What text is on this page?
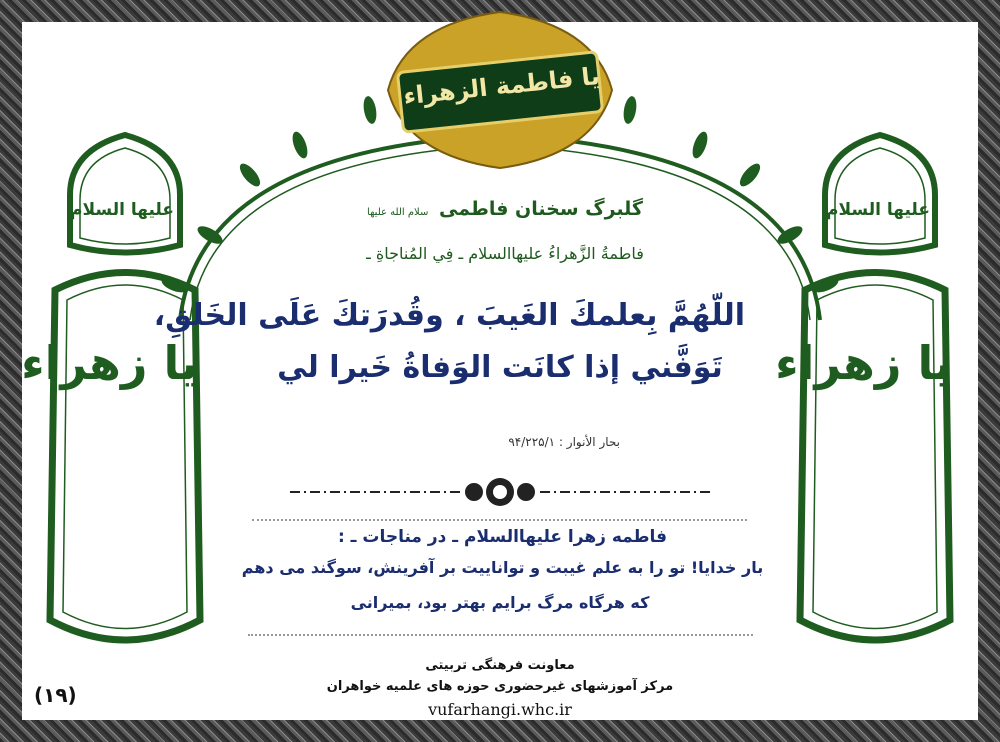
یا فاطمة الزهراء
علیها السلام	علیها السلام
یا زهراء	یا زهراء
گلبرگ سخنان فاطمی سلام الله علیها
فاطمةُ الزَّهراءُ علیهاالسلام ـ فِي المُناجاةِ ـ
اللّهُمَّ بِعلمكَ الغَيبَ ، وقُدرَتكَ عَلَى الخَلقِ،
تَوَفَّني إذا كانَت الوَفاةُ خَيرا لي
بحار الأنوار : ۹۴/۲۲۵/۱
فاطمه زهرا علیهاالسلام ـ در مناجات ـ :
بار خدایا! تو را به علم غیبت و توانایيت بر آفرینش، سوگند می دهم
که هرگاه مرگ برایم بهتر بود، بمیرانی
معاونت فرهنگی تربیتی
مرکز آموزشهای غیرحضوری حوزه های علمیه خواهران
vufarhangi.whc.ir
(۱۹)
